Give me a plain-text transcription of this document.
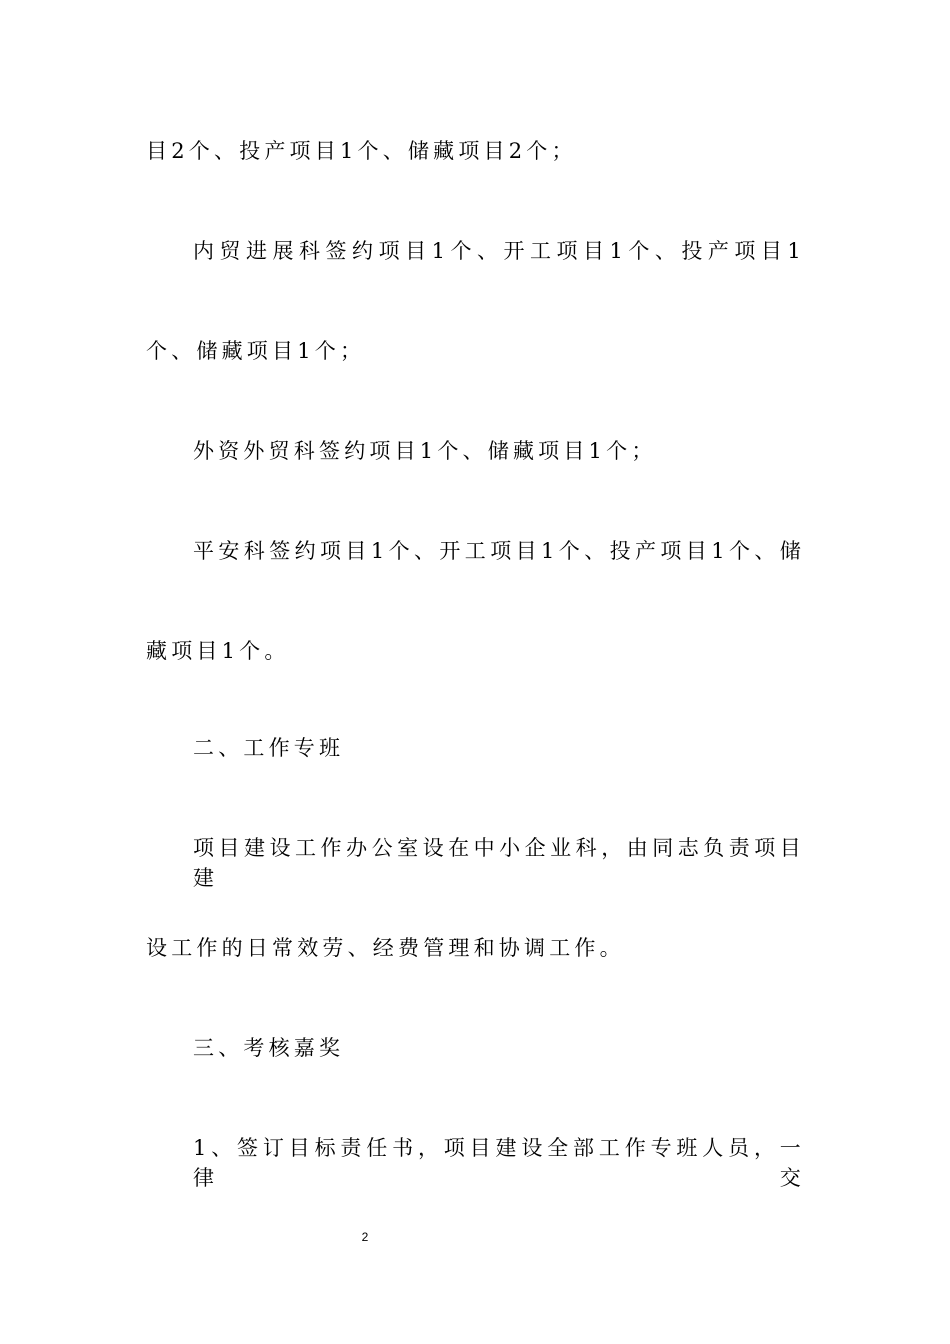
目2个、投产项目1个、储藏项目2个；
内贸进展科签约项目1个、开工项目1个、投产项目1
个、储藏项目1个；
外资外贸科签约项目1个、储藏项目1个；
平安科签约项目1个、开工项目1个、投产项目1个、储
藏项目1个。
二、工作专班
项目建设工作办公室设在中小企业科，由同志负责项目建
设工作的日常效劳、经费管理和协调工作。
三、考核嘉奖
1、签订目标责任书，项目建设全部工作专班人员，一律交
2
